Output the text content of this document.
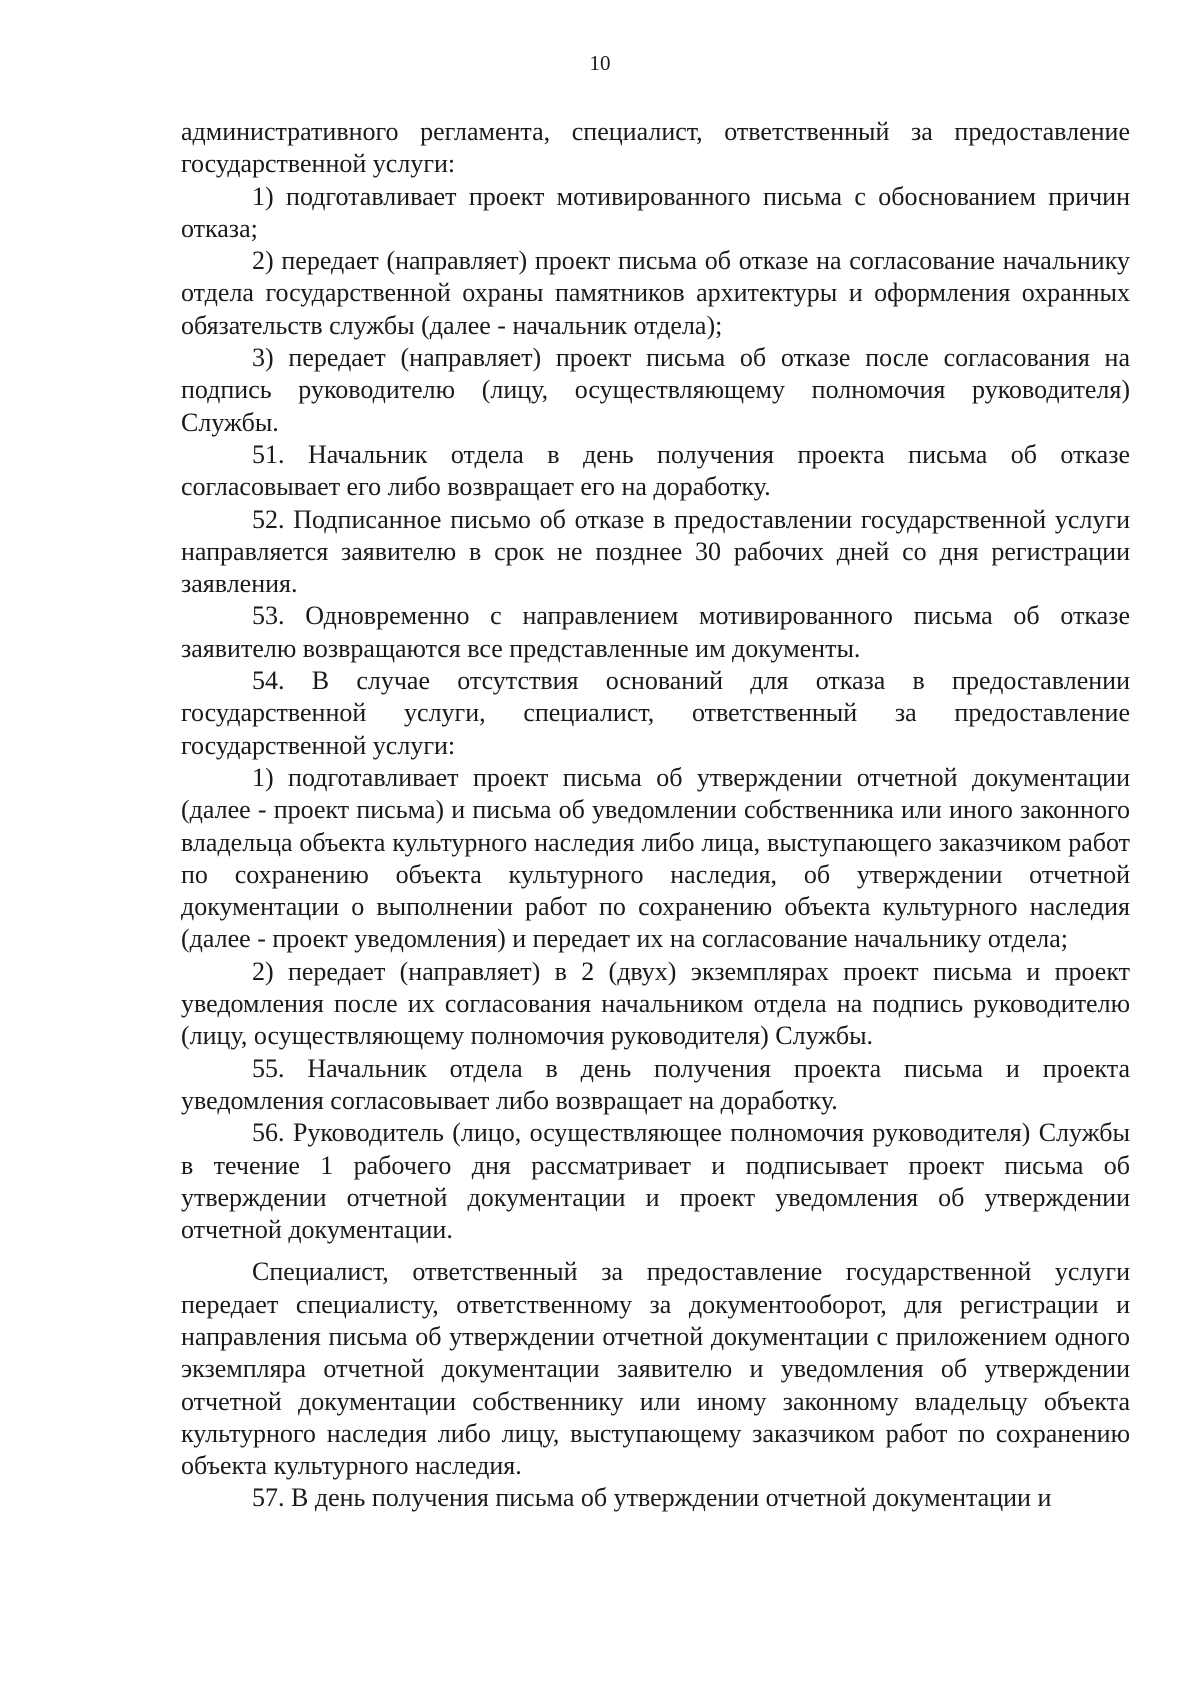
10

административного регламента, специалист, ответственный за предоставление государственной услуги:

1) подготавливает проект мотивированного письма с обоснованием причин отказа;

2) передает (направляет) проект письма об отказе на согласование начальнику отдела государственной охраны памятников архитектуры и оформления охранных обязательств службы (далее - начальник отдела);

3) передает (направляет) проект письма об отказе после согласования на подпись руководителю (лицу, осуществляющему полномочия руководителя) Службы.

51. Начальник отдела в день получения проекта письма об отказе согласовывает его либо возвращает его на доработку.

52. Подписанное письмо об отказе в предоставлении государственной услуги направляется заявителю в срок не позднее 30 рабочих дней со дня регистрации заявления.

53. Одновременно с направлением мотивированного письма об отказе заявителю возвращаются все представленные им документы.

54. В случае отсутствия оснований для отказа в предоставлении государственной услуги, специалист, ответственный за предоставление государственной услуги:

1) подготавливает проект письма об утверждении отчетной документации (далее - проект письма) и письма об уведомлении собственника или иного законного владельца объекта культурного наследия либо лица, выступающего заказчиком работ по сохранению объекта культурного наследия, об утверждении отчетной документации о выполнении работ по сохранению объекта культурного наследия (далее - проект уведомления) и передает их на согласование начальнику отдела;

2) передает (направляет) в 2 (двух) экземплярах проект письма и проект уведомления после их согласования начальником отдела на подпись руководителю (лицу, осуществляющему полномочия руководителя) Службы.

55. Начальник отдела в день получения проекта письма и проекта уведомления согласовывает либо возвращает на доработку.

56. Руководитель (лицо, осуществляющее полномочия руководителя) Службы в течение 1 рабочего дня рассматривает и подписывает проект письма об утверждении отчетной документации и проект уведомления об утверждении отчетной документации.

Специалист, ответственный за предоставление государственной услуги передает специалисту, ответственному за документооборот, для регистрации и направления письма об утверждении отчетной документации с приложением одного экземпляра отчетной документации заявителю и уведомления об утверждении отчетной документации собственнику или иному законному владельцу объекта культурного наследия либо лицу, выступающему заказчиком работ по сохранению объекта культурного наследия.

57. В день получения письма об утверждении отчетной документации и
